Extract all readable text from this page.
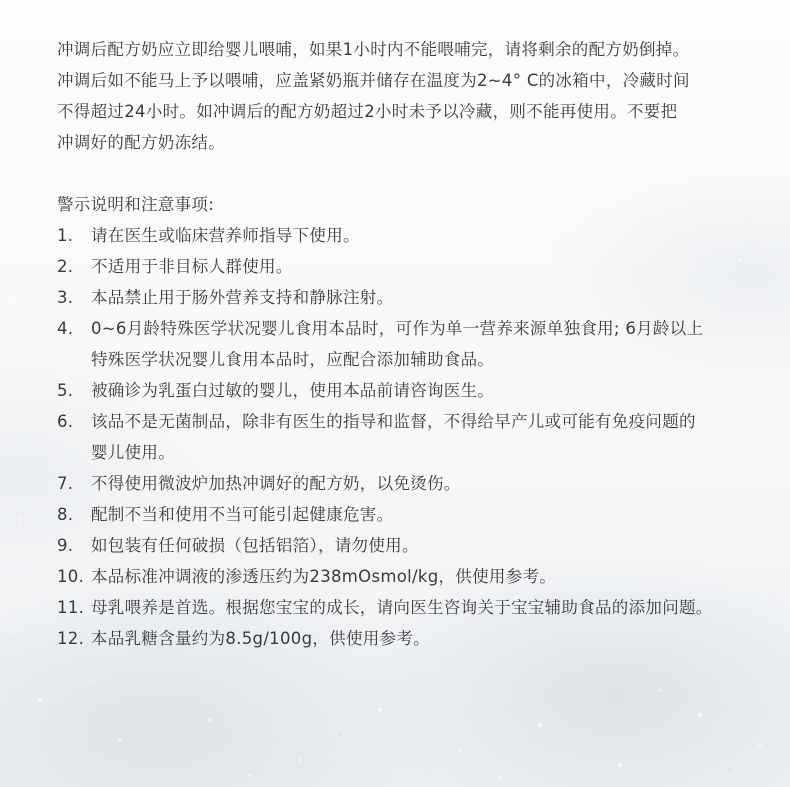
冲调后配方奶应立即给婴儿喂哺，如果1小时内不能喂哺完，请将剩余的配方奶倒掉。

冲调后如不能马上予以喂哺，应盖紧奶瓶并储存在温度为2~4° C的冰箱中，冷藏时间

不得超过24小时。如冲调后的配方奶超过2小时未予以冷藏，则不能再使用。不要把

冲调好的配方奶冻结。

警示说明和注意事项:
1.	请在医生或临床营养师指导下使用。
2.	不适用于非目标人群使用。
3.	本品禁止用于肠外营养支持和静脉注射。
4.	0~6月龄特殊医学状况婴儿食用本品时，可作为单一营养来源单独食用; 6月龄以上
特殊医学状况婴儿食用本品时，应配合添加辅助食品。
5.	被确诊为乳蛋白过敏的婴儿，使用本品前请咨询医生。
6.	该品不是无菌制品，除非有医生的指导和监督，不得给早产儿或可能有免疫问题的
婴儿使用。
7.	不得使用微波炉加热冲调好的配方奶，以免烫伤。
8.	配制不当和使用不当可能引起健康危害。
9.	如包装有任何破损（包括铝箔），请勿使用。
10. 本品标准冲调液的渗透压约为238mOsmol/kg，供使用参考。
11. 母乳喂养是首选。根据您宝宝的成长，请向医生咨询关于宝宝辅助食品的添加问题。
12. 本品乳糖含量约为8.5g/100g，供使用参考。
